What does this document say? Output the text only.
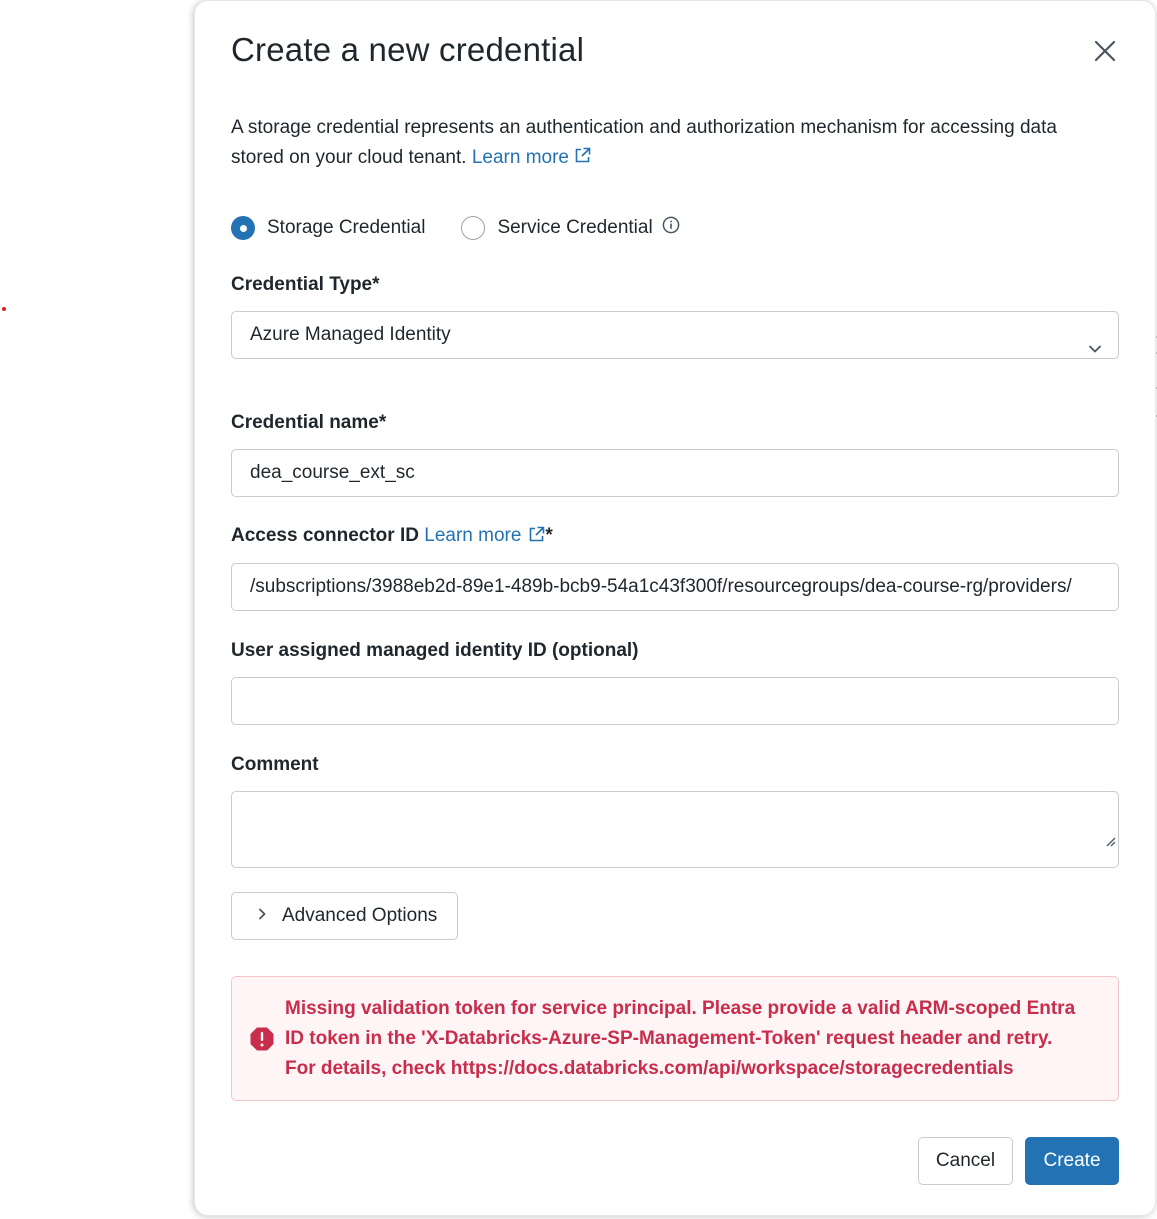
Create a new credential
A storage credential represents an authentication and authorization mechanism for accessing data stored on your cloud tenant. Learn more
Storage Credential	Service Credential
Credential Type*
Azure Managed Identity
Credential name*
dea_course_ext_sc
Access connector ID Learn more *
/subscriptions/3988eb2d-89e1-489b-bcb9-54a1c43f300f/resourcegroups/dea-course-rg/providers/
User assigned managed identity ID (optional)
Comment
Advanced Options
Missing validation token for service principal. Please provide a valid ARM-scoped Entra ID token in the 'X-Databricks-Azure-SP-Management-Token' request header and retry. For details, check https://docs.databricks.com/api/workspace/storagecredentials
Cancel	Create
